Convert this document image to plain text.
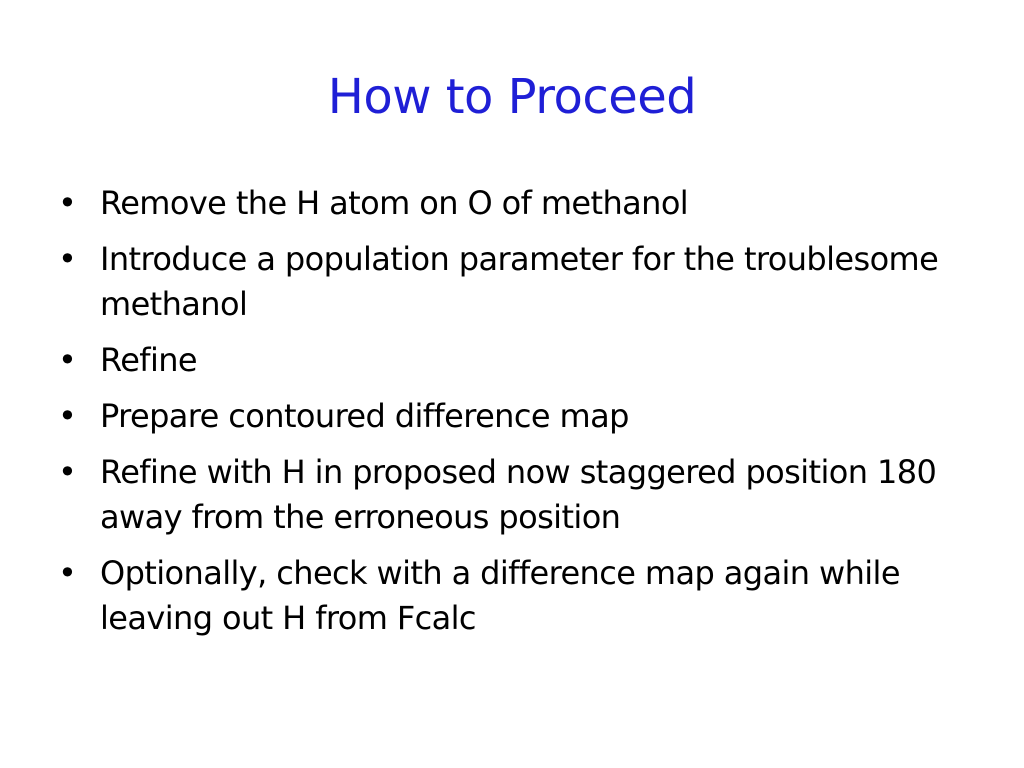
How to Proceed
• Remove the H atom on O of methanol
• Introduce a population parameter for the troublesome methanol
• Refine
• Prepare contoured difference map
• Refine with H in proposed now staggered position 180 away from the erroneous position
• Optionally, check with a difference map again while leaving out H from Fcalc
